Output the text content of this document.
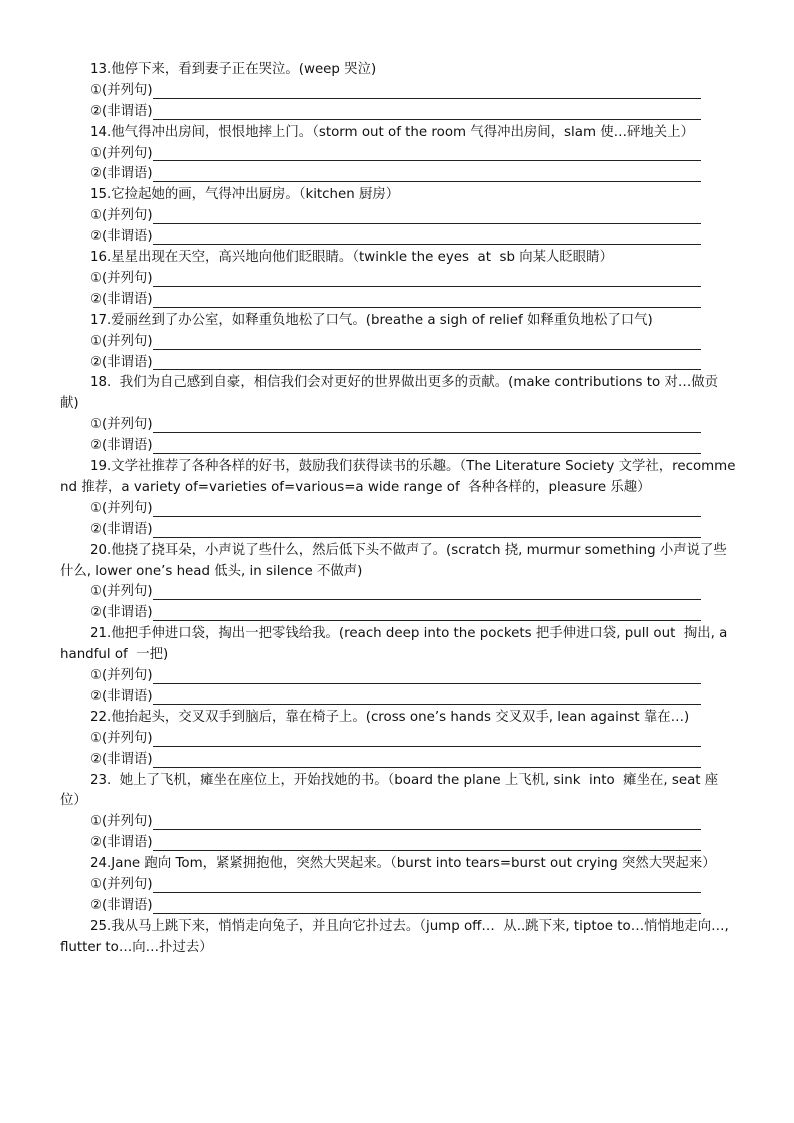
13.他停下来，看到妻子正在哭泣。(weep 哭泣)

①(并列句)
②(非谓语)

14.他气得冲出房间，恨恨地摔上门。（storm out of the room 气得冲出房间，slam 使…砰地关上）

①(并列句)
②(非谓语)

15.它捡起她的画，气得冲出厨房。（kitchen 厨房）

①(并列句)
②(非谓语)

16.星星出现在天空，高兴地向他们眨眼睛。（twinkle the eyes  at  sb 向某人眨眼睛）

①(并列句)
②(非谓语)

17.爱丽丝到了办公室，如释重负地松了口气。(breathe a sigh of relief 如释重负地松了口气)

①(并列句)
②(非谓语)

18.  我们为自己感到自豪，相信我们会对更好的世界做出更多的贡献。(make contributions to 对…做贡献)

①(并列句)
②(非谓语)

19.文学社推荐了各种各样的好书，鼓励我们获得读书的乐趣。（The Literature Society 文学社，recommend 推荐，a variety of=varieties of=various=a wide range of  各种各样的，pleasure 乐趣）

①(并列句)
②(非谓语)

20.他挠了挠耳朵，小声说了些什么，然后低下头不做声了。(scratch 挠, murmur something 小声说了些什么, lower one’s head 低头, in silence 不做声)

①(并列句)
②(非谓语)

21.他把手伸进口袋，掏出一把零钱给我。(reach deep into the pockets 把手伸进口袋, pull out  掏出, a handful of  一把)

①(并列句)
②(非谓语)

22.他抬起头，交叉双手到脑后，靠在椅子上。(cross one’s hands 交叉双手, lean against 靠在…)

①(并列句)
②(非谓语)

23.  她上了飞机，瘫坐在座位上，开始找她的书。（board the plane 上飞机, sink  into  瘫坐在, seat 座位）

①(并列句)
②(非谓语)

24.Jane 跑向 Tom，紧紧拥抱他，突然大哭起来。（burst into tears=burst out crying 突然大哭起来）

①(并列句)
②(非谓语)

25.我从马上跳下来，悄悄走向兔子，并且向它扑过去。（jump off…  从..跳下来, tiptoe to…悄悄地走向…, flutter to…向…扑过去）
